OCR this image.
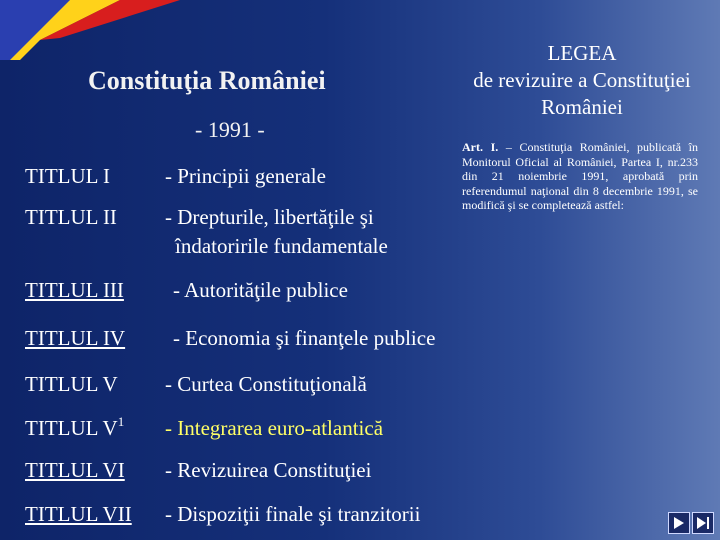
Constituţia României
- 1991 -
LEGEA
de revizuire a Constituţiei
României
Art. I. – Constituţia României, publicată în Monitorul Oficial al României, Partea I, nr.233 din 21 noiembrie 1991, aprobată prin referendumul naţional din 8 decembrie 1991, se modifică şi se completează astfel:
TITLUL I	- Principii generale
TITLUL II - Drepturile, libertăţile şi
îndatoririle fundamentale
TITLUL III - Autorităţile publice
TITLUL IV - Economia şi finanţele publice
TITLUL V - Curtea Constituţională
TITLUL $V^1$ - Integrarea euro-atlantică
TITLUL VI - Revizuirea Constituţiei
TITLUL VII - Dispoziţii finale şi tranzitorii
